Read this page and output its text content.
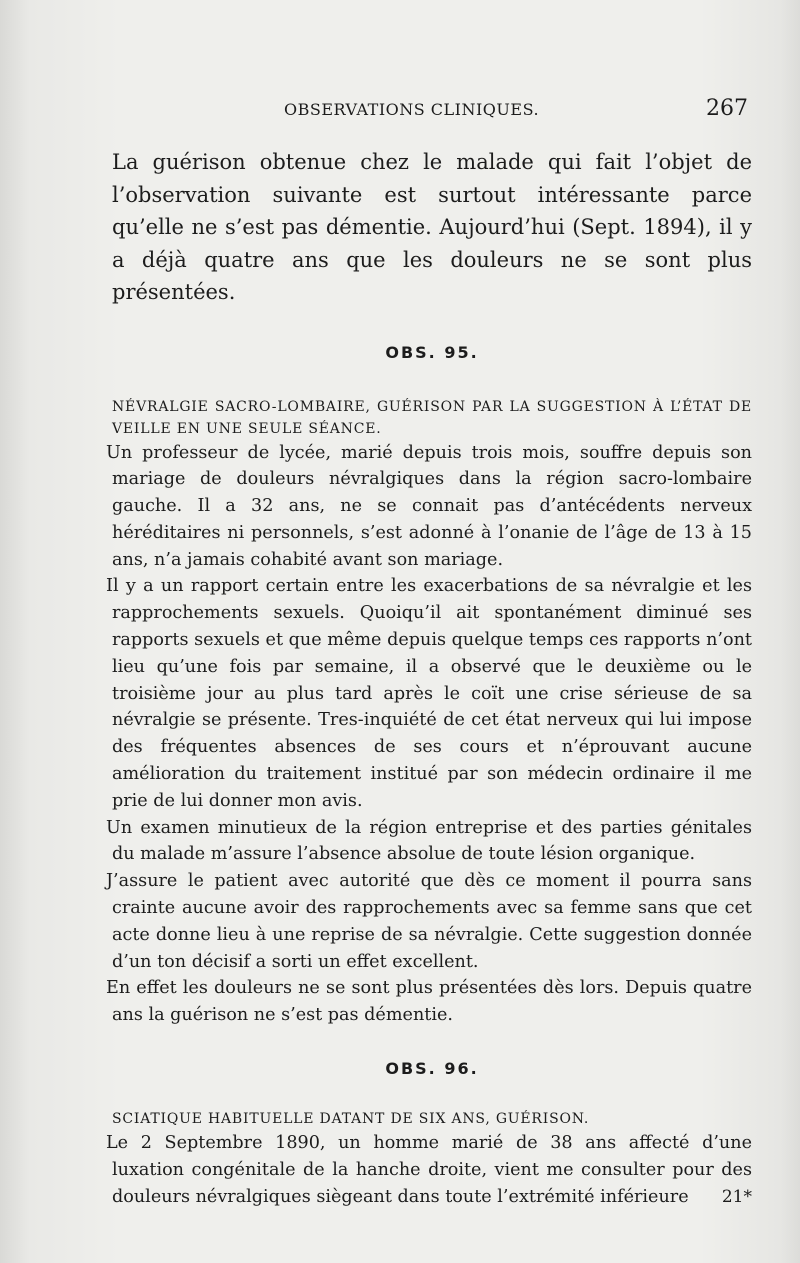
OBSERVATIONS CLINIQUES.	267

La guérison obtenue chez le malade qui fait l’objet de l’observation suivante est surtout intéressante parce qu’elle ne s’est pas démentie. Aujourd’hui (Sept. 1894), il y a déjà quatre ans que les douleurs ne se sont plus présentées.

OBS. 95.

NÉVRALGIE SACRO-LOMBAIRE, GUÉRISON PAR LA SUGGESTION À L’ÉTAT DE VEILLE EN UNE SEULE SÉANCE.

Un professeur de lycée, marié depuis trois mois, souffre depuis son mariage de douleurs névralgiques dans la région sacro-lombaire gauche. Il a 32 ans, ne se connait pas d’antécédents nerveux héréditaires ni personnels, s’est adonné à l’onanie de l’âge de 13 à 15 ans, n’a jamais cohabité avant son mariage.

Il y a un rapport certain entre les exacerbations de sa névralgie et les rapprochements sexuels. Quoiqu’il ait spontanément diminué ses rapports sexuels et que même depuis quelque temps ces rapports n’ont lieu qu’une fois par semaine, il a observé que le deuxième ou le troisième jour au plus tard après le coït une crise sérieuse de sa névralgie se présente. Tres-inquiété de cet état nerveux qui lui impose des fréquentes absences de ses cours et n’éprouvant aucune amélioration du traitement institué par son médecin ordinaire il me prie de lui donner mon avis.

Un examen minutieux de la région entreprise et des parties génitales du malade m’assure l’absence absolue de toute lésion organique.

J’assure le patient avec autorité que dès ce moment il pourra sans crainte aucune avoir des rapprochements avec sa femme sans que cet acte donne lieu à une reprise de sa névralgie. Cette suggestion donnée d’un ton décisif a sorti un effet excellent.

En effet les douleurs ne se sont plus présentées dès lors. Depuis quatre ans la guérison ne s’est pas démentie.

OBS. 96.

SCIATIQUE HABITUELLE DATANT DE SIX ANS, GUÉRISON.

Le 2 Septembre 1890, un homme marié de 38 ans affecté d’une luxation congénitale de la hanche droite, vient me consulter pour des douleurs névralgiques siègeant dans toute l’extrémité inférieure	21*
